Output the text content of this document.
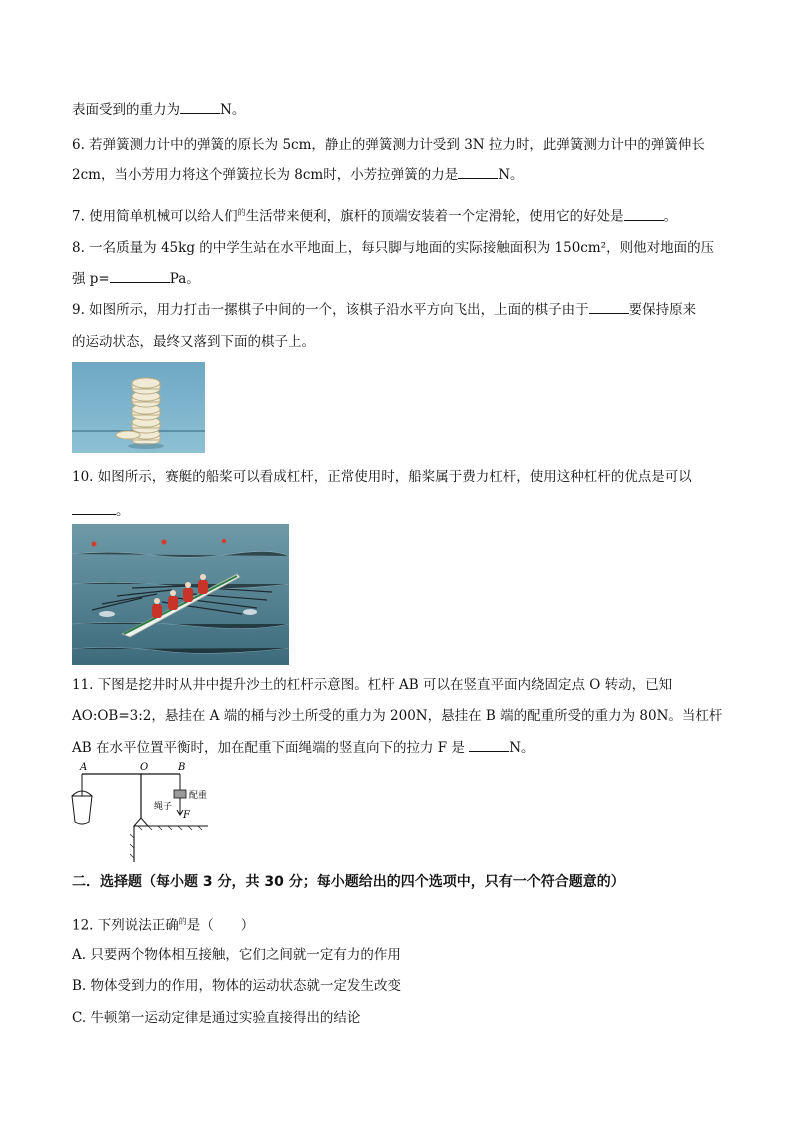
表面受到的重力为	N。
6. 若弹簧测力计中的弹簧的原长为 5cm，静止的弹簧测力计受到 3N 拉力时，此弹簧测力计中的弹簧伸长
2cm，当小芳用力将这个弹簧拉长为 8cm时，小芳拉弹簧的力是	N。
7. 使用简单机械可以给人们$^的$生活带来便利，旗杆的顶端安装着一个定滑轮，使用它的好处是	。
8. 一名质量为 45kg 的中学生站在水平地面上，每只脚与地面的实际接触面积为 150cm²，则他对地面的压
强 p=	Pa。
9. 如图所示，用力打击一摞棋子中间的一个，该棋子沿水平方向飞出，上面的棋子由于	要保持原来
的运动状态，最终又落到下面的棋子上。
10. 如图所示，赛艇的船桨可以看成杠杆，正常使用时，船桨属于费力杠杆，使用这种杠杆的优点是可以
。
11. 下图是挖井时从井中提升沙土的杠杆示意图。杠杆 AB 可以在竖直平面内绕固定点 O 转动，已知
AO:OB=3:2，悬挂在 A 端的桶与沙土所受的重力为 200N，悬挂在 B 端的配重所受的重力为 80N。当杠杆
AB 在水平位置平衡时，加在配重下面绳端的竖直向下的拉力 F 是	N。
A	O	B
配重
绳子
F
二．选择题（每小题 3 分，共 30 分；每小题给出的四个选项中，只有一个符合题意的）
12. 下列说法正确$^的$是（　　）
A. 只要两个物体相互接触，它们之间就一定有力的作用
B. 物体受到力的作用，物体的运动状态就一定发生改变
C. 牛顿第一运动定律是通过实验直接得出的结论
